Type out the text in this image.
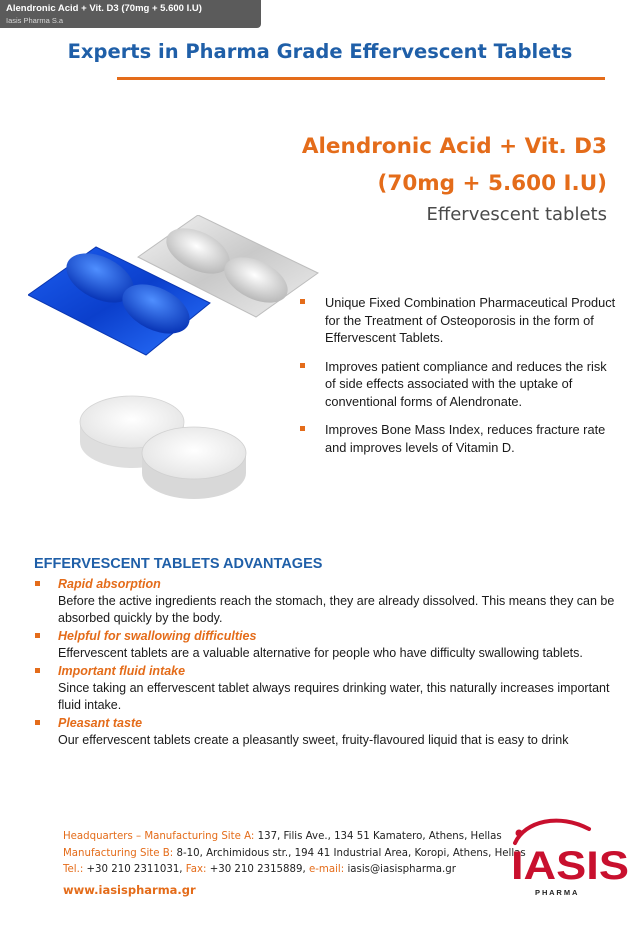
Alendronic Acid + Vit. D3 (70mg + 5.600 I.U)
Iasis Pharma S.a
Experts in Pharma Grade Effervescent Tablets
Alendronic Acid + Vit. D3
(70mg + 5.600 I.U)
Effervescent tablets
Unique Fixed Combination Pharmaceutical Product for the Treatment of Osteoporosis in the form of Effervescent Tablets.
Improves patient compliance and reduces the risk of side effects associated with the uptake of conventional forms of Alendronate.
Improves Bone Mass Index, reduces fracture rate and improves levels of Vitamin D.
EFFERVESCENT TABLETS ADVANTAGES
Rapid absorption
Before the active ingredients reach the stomach, they are already dissolved. This means they can be absorbed quickly by the body.
Helpful for swallowing difficulties
Effervescent tablets are a valuable alternative for people who have difficulty swallowing tablets.
Important fluid intake
Since taking an effervescent tablet always requires drinking water, this naturally increases important fluid intake.
Pleasant taste
Our effervescent tablets create a pleasantly sweet, fruity-flavoured liquid that is easy to drink
Headquarters – Manufacturing Site A: 137, Filis Ave., 134 51 Kamatero, Athens, Hellas
Manufacturing Site B: 8-10, Archimidous str., 194 41 Industrial Area, Koropi, Athens, Hellas
Tel.: +30 210 2311031, Fax: +30 210 2315889, e-mail: iasis@iasispharma.gr
www.iasispharma.gr
IASIS
P H A R M A
